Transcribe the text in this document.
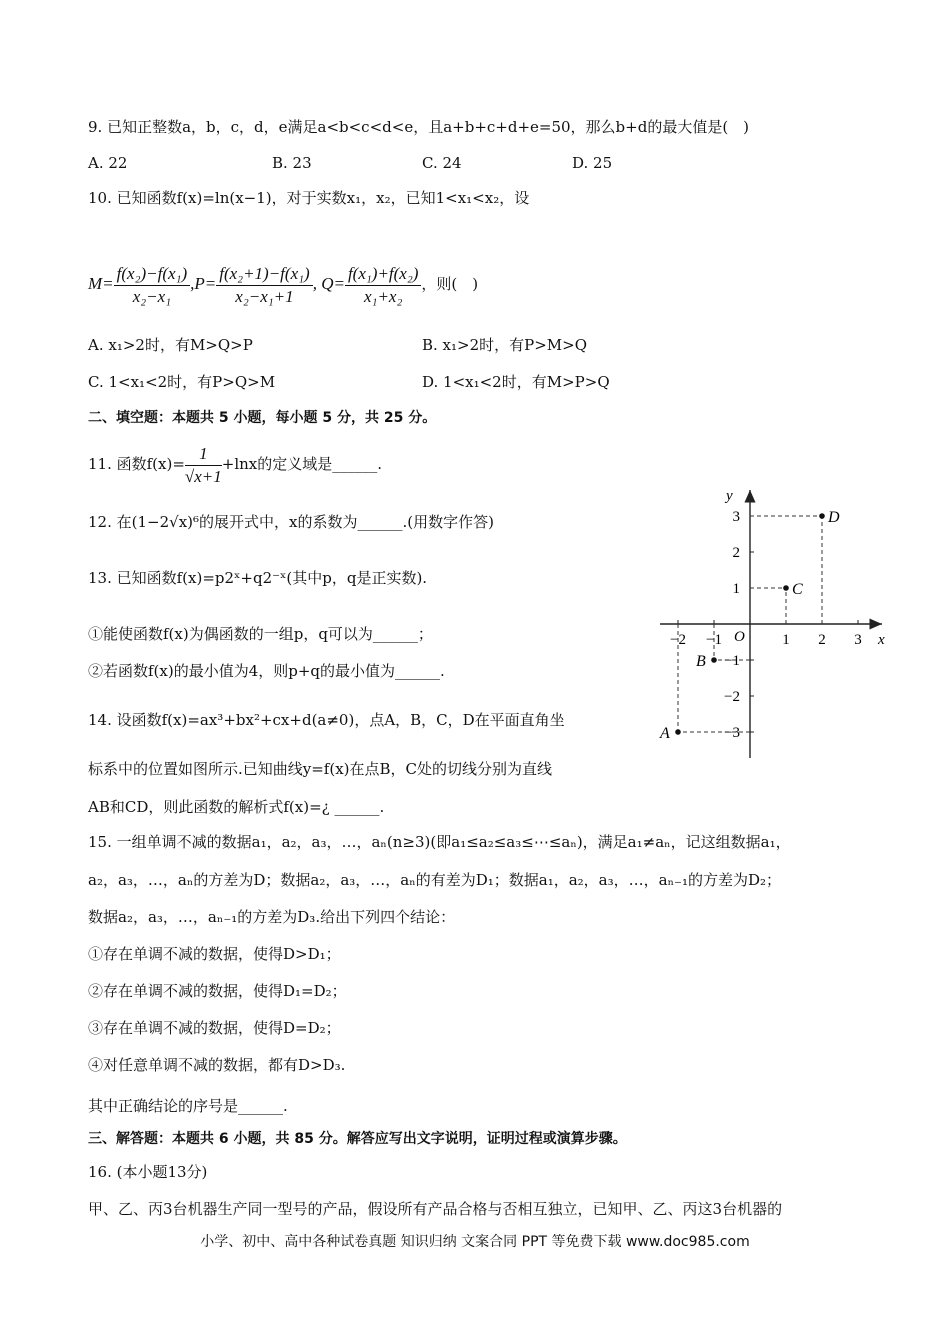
9. 已知正整数a，b，c，d，e满足a<b<c<d<e，且a+b+c+d+e=50，那么b+d的最大值是(　)
A. 22	B. 23	C. 24	D. 25
10. 已知函数f(x)=ln(x−1)，对于实数x₁，x₂，已知1<x₁<x₂，设
$M= \frac{\text{f(x₂)−f(x₁)}}{\text{x₂−x₁}} ,P= \frac{\text{f(x₂+1)−f(x₁)}}{\text{x₂−x₁+1}}$ , $Q= \frac{\text{f(x₁)+f(x₂)}}{\text{x₁+x₂}}$ ，则(　)
A. x₁>2时，有M>Q>P	B. x₁>2时，有P>M>Q
C. 1<x₁<2时，有P>Q>M	D. 1<x₁<2时，有M>P>Q
二、填空题：本题共 5 小题，每小题 5 分，共 25 分。
11. 函数$f(x)= \frac{1}{√x+1} +\ln x$的定义域是______.
12. 在(1−2√x)⁶的展开式中，x的系数为______.(用数字作答)
13. 已知函数f(x)=p2ˣ+q2⁻ˣ(其中p，q是正实数).
①能使函数f(x)为偶函数的一组p，q可以为______；
②若函数f(x)的最小值为4，则p+q的最小值为______.
14. 设函数f(x)=ax³+bx²+cx+d(a≠0)，点A，B，C，D在平面直角坐
标系中的位置如图所示.已知曲线y=f(x)在点B，C处的切线分别为直线
AB和CD，则此函数的解析式f(x)=¿ ______.
x
y
O
−2 −1	1 2 3
3
2
1
−1
−2
−3
A
B
C
D
15. 一组单调不减的数据a₁，a₂，a₃，…，aₙ(n≥3)(即a₁≤a₂≤a₃≤⋯≤aₙ)，满足a₁≠aₙ，记这组数据a₁，
a₂，a₃，…，aₙ的方差为D；数据a₂，a₃，…，aₙ的有差为D₁；数据a₁，a₂，a₃，…，aₙ₋₁的方差为D₂；
数据a₂，a₃，…，aₙ₋₁的方差为D₃.给出下列四个结论：
①存在单调不减的数据，使得D>D₁；
②存在单调不减的数据，使得D₁=D₂；
③存在单调不减的数据，使得D=D₂；
④对任意单调不减的数据，都有D>D₃.
其中正确结论的序号是______.
三、解答题：本题共 6 小题，共 85 分。解答应写出文字说明，证明过程或演算步骤。
16. (本小题13分)
甲、乙、丙3台机器生产同一型号的产品，假设所有产品合格与否相互独立，已知甲、乙、丙这3台机器的
小学、初中、高中各种试卷真题 知识归纳 文案合同 PPT 等免费下载 www.doc985.com
